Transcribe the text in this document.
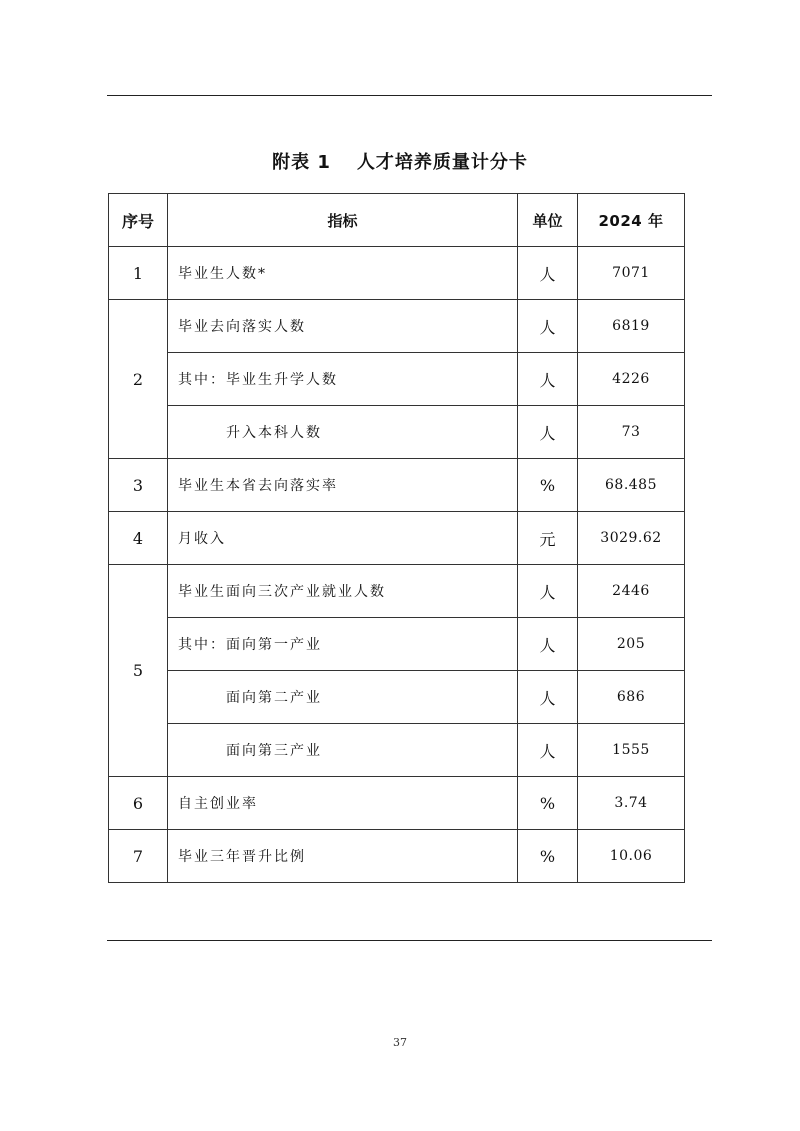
附表 1 人才培养质量计分卡
序号	指标	单位	2024 年
1	毕业生人数*	人	7071
2	毕业去向落实人数	人	6819
	其中：毕业生升学人数	人	4226
	升入本科人数	人	73
3	毕业生本省去向落实率	%	68.485
4	月收入	元	3029.62
5	毕业生面向三次产业就业人数	人	2446
	其中：面向第一产业	人	205
	面向第二产业	人	686
	面向第三产业	人	1555
6	自主创业率	%	3.74
7	毕业三年晋升比例	%	10.06
37
